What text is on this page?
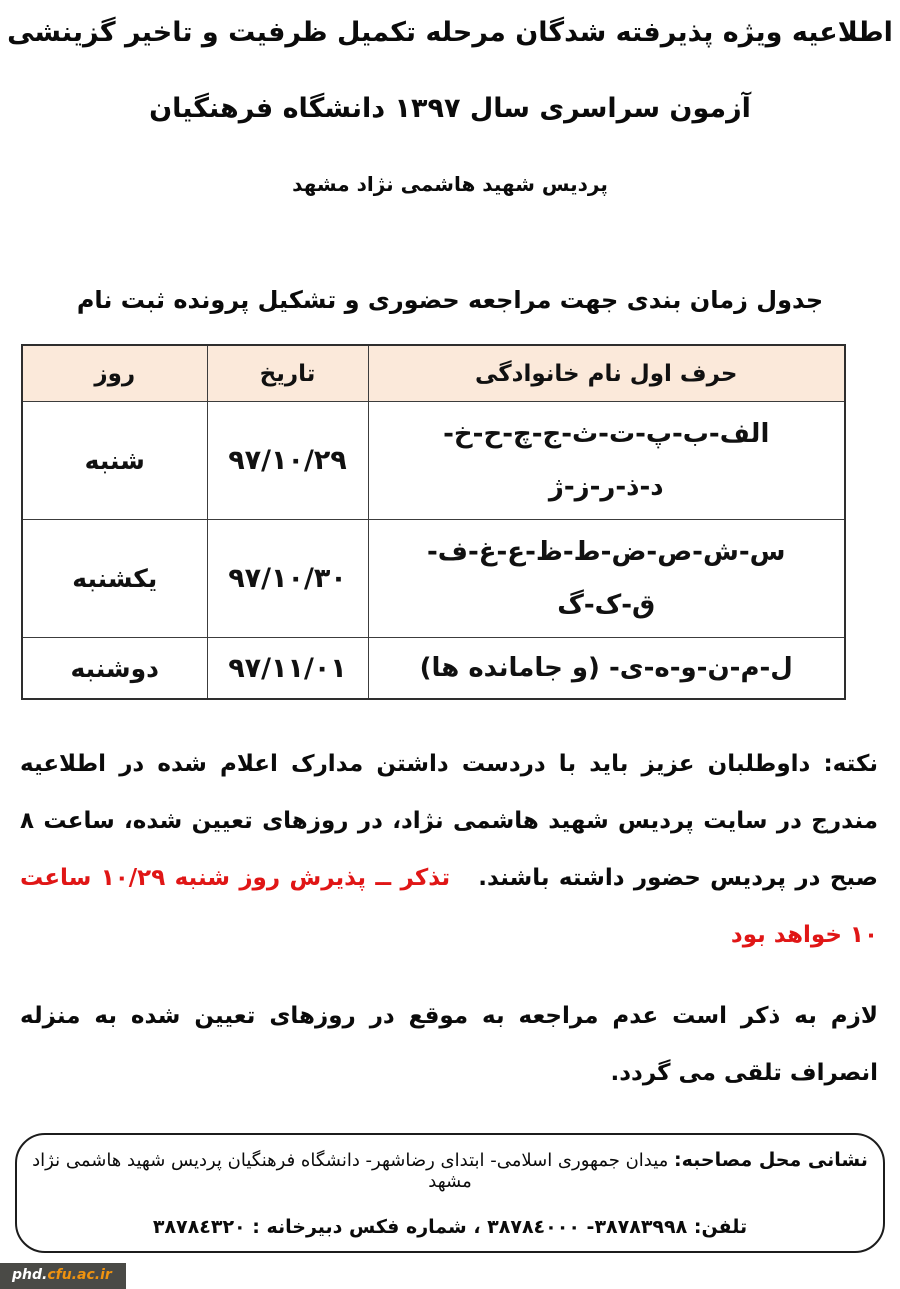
اطلاعیه ویژه پذیرفته شدگان مرحله تکمیل ظرفیت و تاخیر گزینشی
آزمون سراسری سال ۱۳۹۷ دانشگاه فرهنگیان
پردیس شهید هاشمی نژاد مشهد
جدول زمان بندی جهت مراجعه حضوری و تشکیل پرونده ثبت نام
حرف اول نام خانوادگی	تاریخ	روز

الف-ب-پ-ت-ث-ج-چ-ح-خ-
د-ذ-ر-ز-ژ	۹۷/۱۰/۲۹	شنبه

س-ش-ص-ض-ط-ظ-ع-غ-ف-
ق-ک-گ	۹۷/۱۰/۳۰	یکشنبه

ل-م-ن-و-ه-ی- (و جامانده ها)	۹۷/۱۱/۰۱	دوشنبه

نکته: داوطلبان عزیز باید با دردست داشتن مدارک اعلام شده در اطلاعیه مندرج در سایت پردیس شهید هاشمی نژاد، در روزهای تعیین شده، ساعت ۸ صبح در پردیس حضور داشته باشند.   تذکر ــ پذیرش روز شنبه ۱۰/۲۹ ساعت ۱۰ خواهد بود

لازم به ذکر است عدم مراجعه به موقع در روزهای تعیین شده به منزله انصراف تلقی می گردد.

نشانی محل مصاحبه: میدان جمهوری اسلامی- ابتدای رضاشهر- دانشگاه فرهنگیان پردیس شهید هاشمی نژاد مشهد
تلفن: ۳۸۷۸۳۹۹۸- ۳۸۷۸٤۰۰۰ ، شماره فکس دبیرخانه : ۳۸۷۸٤۳۲۰
phd.cfu.ac.ir
